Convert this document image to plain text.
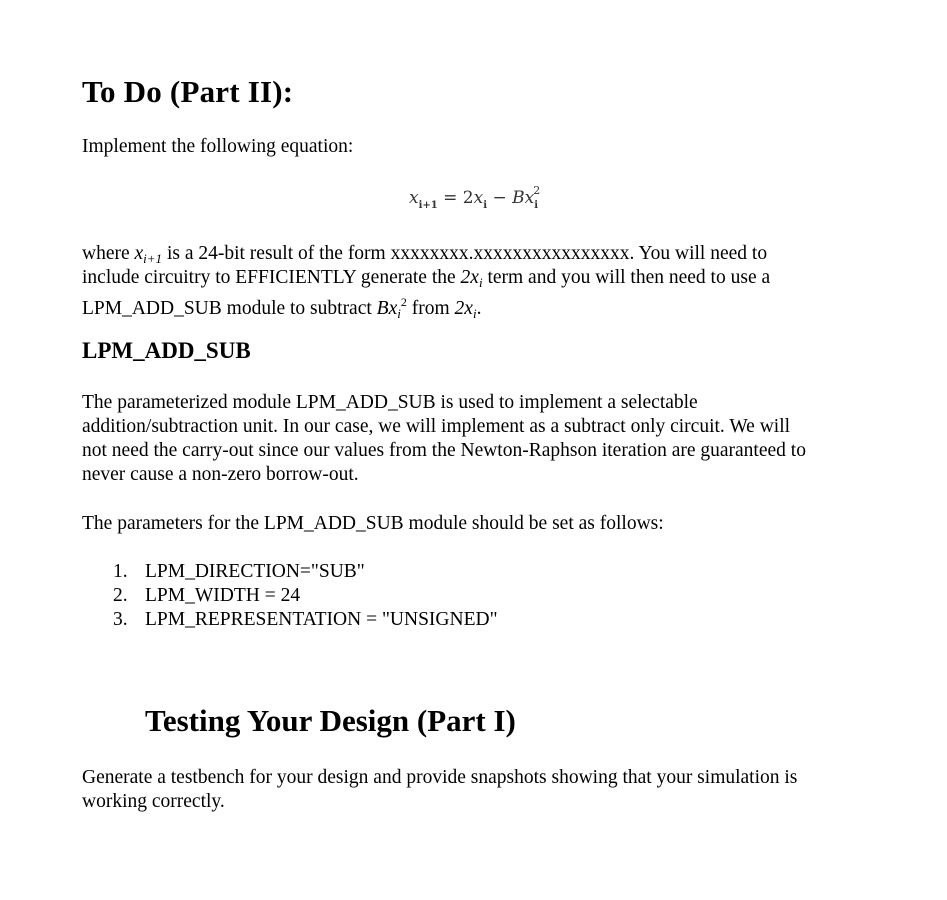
To Do (Part II):

Implement the following equation:

$x_{i+1} = 2x_i - Bx^2_i$

where $x_{i+1}$ is a 24-bit result of the form xxxxxxxx.xxxxxxxxxxxxxxxx. You will need to

include circuitry to EFFICIENTLY generate the $2x_i$ term and you will then need to use a

LPM_ADD_SUB module to subtract $Bx_i^2$ from $2x_i$.

LPM_ADD_SUB

The parameterized module LPM_ADD_SUB is used to implement a selectable

addition/subtraction unit. In our case, we will implement as a subtract only circuit. We will

not need the carry-out since our values from the Newton-Raphson iteration are guaranteed to

never cause a non-zero borrow-out.

The parameters for the LPM_ADD_SUB module should be set as follows:

1. LPM_DIRECTION="SUB"

2. LPM_WIDTH = 24

3. LPM_REPRESENTATION = "UNSIGNED"

Testing Your Design (Part I)

Generate a testbench for your design and provide snapshots showing that your simulation is

working correctly.
